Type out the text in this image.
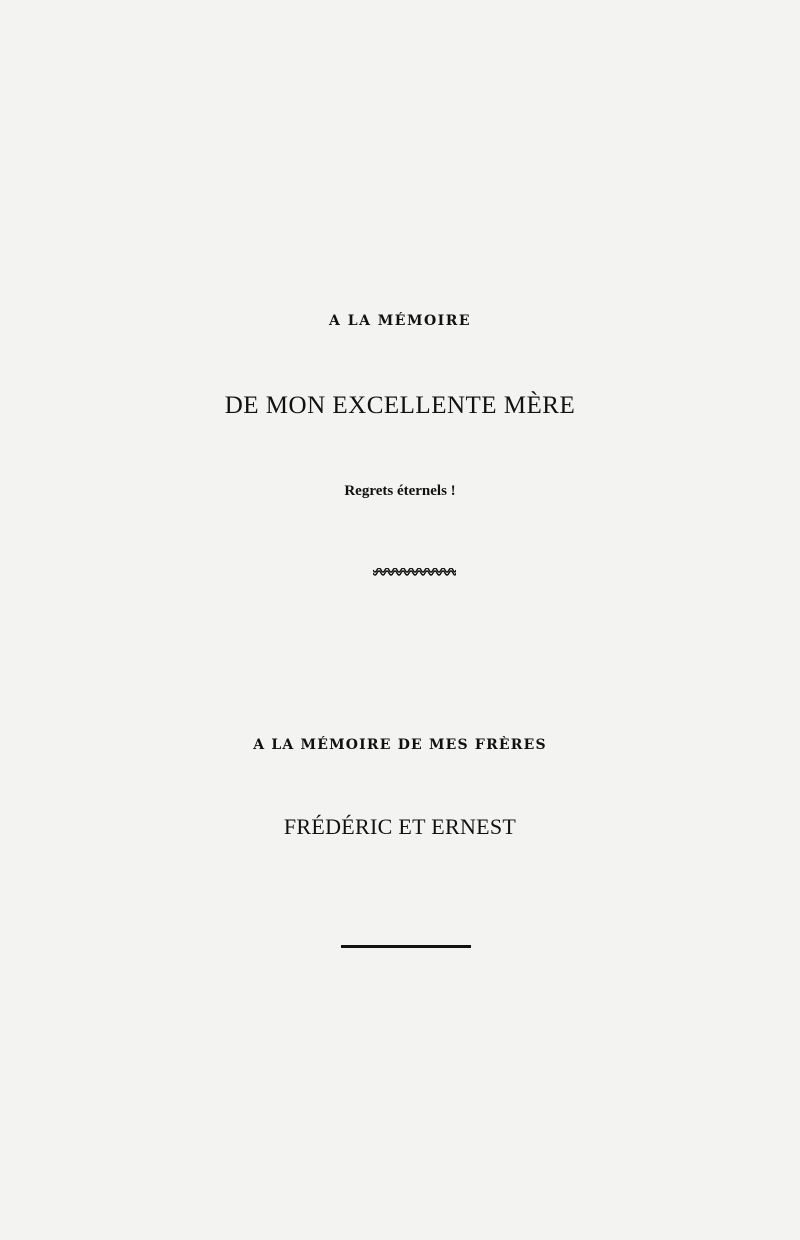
A LA MÉMOIRE
DE MON EXCELLENTE MÈRE
Regrets éternels !
A LA MÉMOIRE DE MES FRÈRES
FRÉDÉRIC ET ERNEST
